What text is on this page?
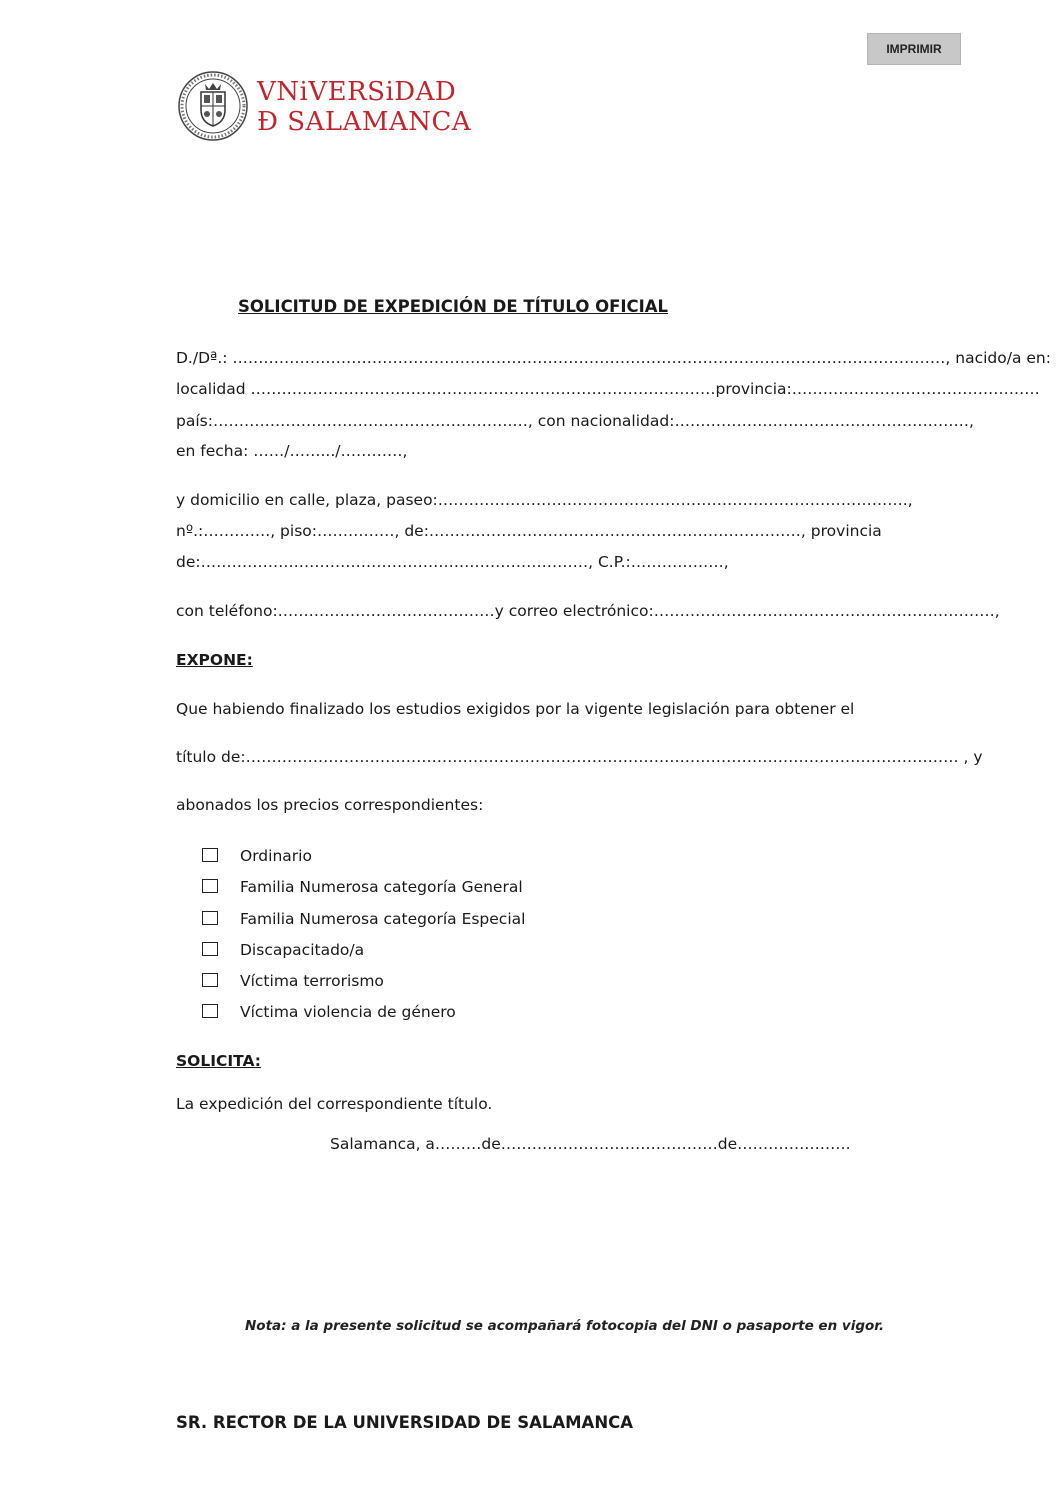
IMPRIMIR
VNiVERSiDAD
Ð SALAMANCA
SOLICITUD DE EXPEDICIÓN DE TÍTULO OFICIAL
D./Dª.: …………………………………………………………………………………………………………………………, nacido/a en:
localidad ………………………………………………………………………………provincia:…………………………………………
país:………………………………………………….…, con nacionalidad:…………………………………………………,
en fecha: ……/…….../…………,
y domicilio en calle, plaza, paseo:……………………………………………………………………………….,
nº.:…………., piso:……………, de:………………………………………………………………, provincia
de:…………………………………………………………………, C.P.:………………,
con teléfono:……………………………………y correo electrónico:…………………………………………………………,
EXPONE:
Que habiendo finalizado los estudios exigidos por la vigente legislación para obtener el
título de:………………………………………………………………………………………………………………………… , y
abonados los precios correspondientes:
Ordinario
Familia Numerosa categoría General
Familia Numerosa categoría Especial
Discapacitado/a
Víctima terrorismo
Víctima violencia de género
SOLICITA:
La expedición del correspondiente título.
Salamanca, a………de……………………………………de………………….
Nota: a la presente solicitud se acompañará fotocopia del DNI o pasaporte en vigor.
SR. RECTOR DE LA UNIVERSIDAD DE SALAMANCA
